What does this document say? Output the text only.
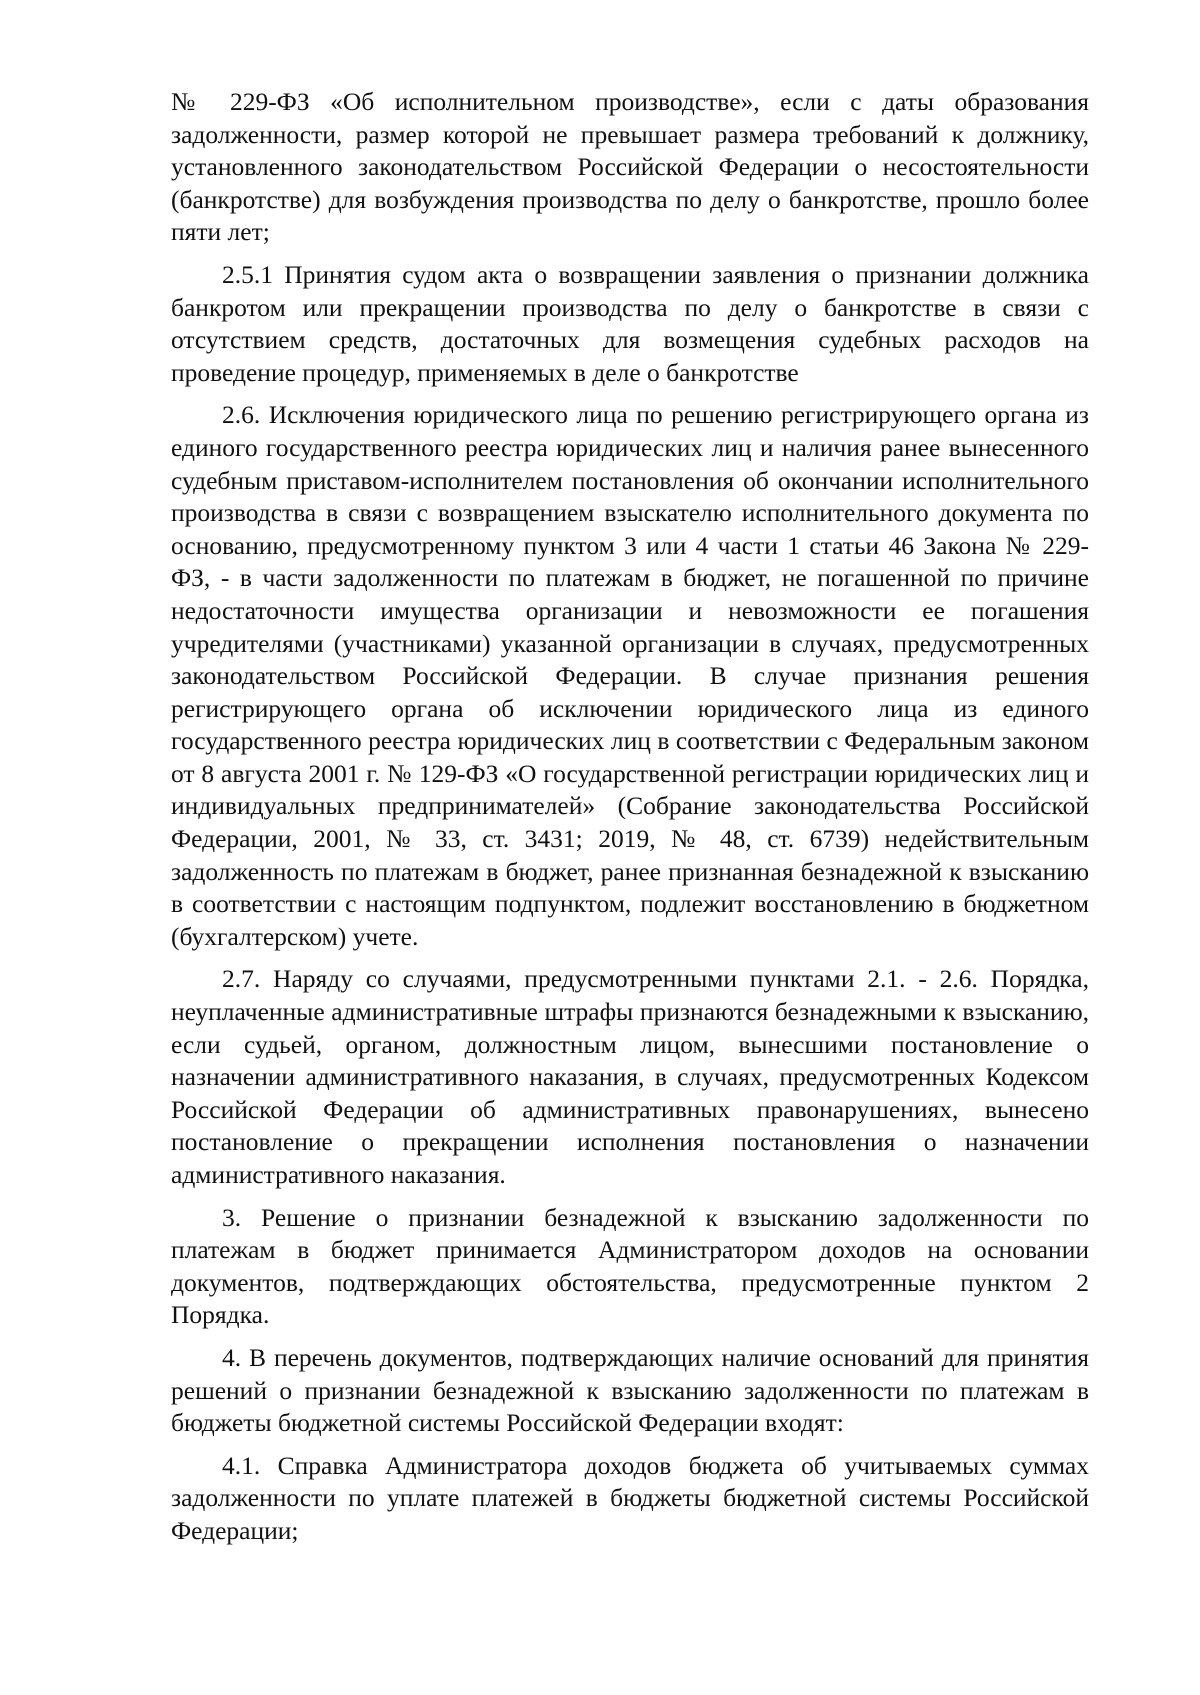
№ 229-ФЗ «Об исполнительном производстве», если с даты образования задолженности, размер которой не превышает размера требований к должнику, установленного законодательством Российской Федерации о несостоятельности (банкротстве) для возбуждения производства по делу о банкротстве, прошло более пяти лет;

2.5.1 Принятия судом акта о возвращении заявления о признании должника банкротом или прекращении производства по делу о банкротстве в связи с отсутствием средств, достаточных для возмещения судебных расходов на проведение процедур, применяемых в деле о банкротстве

2.6. Исключения юридического лица по решению регистрирующего органа из единого государственного реестра юридических лиц и наличия ранее вынесенного судебным приставом-исполнителем постановления об окончании исполнительного производства в связи с возвращением взыскателю исполнительного документа по основанию, предусмотренному пунктом 3 или 4 части 1 статьи 46 Закона № 229-ФЗ, - в части задолженности по платежам в бюджет, не погашенной по причине недостаточности имущества организации и невозможности ее погашения учредителями (участниками) указанной организации в случаях, предусмотренных законодательством Российской Федерации. В случае признания решения регистрирующего органа об исключении юридического лица из единого государственного реестра юридических лиц в соответствии с Федеральным законом от 8 августа 2001 г. № 129-ФЗ «О государственной регистрации юридических лиц и индивидуальных предпринимателей» (Собрание законодательства Российской Федерации, 2001, № 33, ст. 3431; 2019, № 48, ст. 6739) недействительным задолженность по платежам в бюджет, ранее признанная безнадежной к взысканию в соответствии с настоящим подпунктом, подлежит восстановлению в бюджетном (бухгалтерском) учете.

2.7. Наряду со случаями, предусмотренными пунктами 2.1. - 2.6. Порядка, неуплаченные административные штрафы признаются безнадежными к взысканию, если судьей, органом, должностным лицом, вынесшими постановление о назначении административного наказания, в случаях, предусмотренных Кодексом Российской Федерации об административных правонарушениях, вынесено постановление о прекращении исполнения постановления о назначении административного наказания.

3. Решение о признании безнадежной к взысканию задолженности по платежам в бюджет принимается Администратором доходов на основании документов, подтверждающих обстоятельства, предусмотренные пунктом 2 Порядка.

4. В перечень документов, подтверждающих наличие оснований для принятия решений о признании безнадежной к взысканию задолженности по платежам в бюджеты бюджетной системы Российской Федерации входят:

4.1. Справка Администратора доходов бюджета об учитываемых суммах задолженности по уплате платежей в бюджеты бюджетной системы Российской Федерации;
